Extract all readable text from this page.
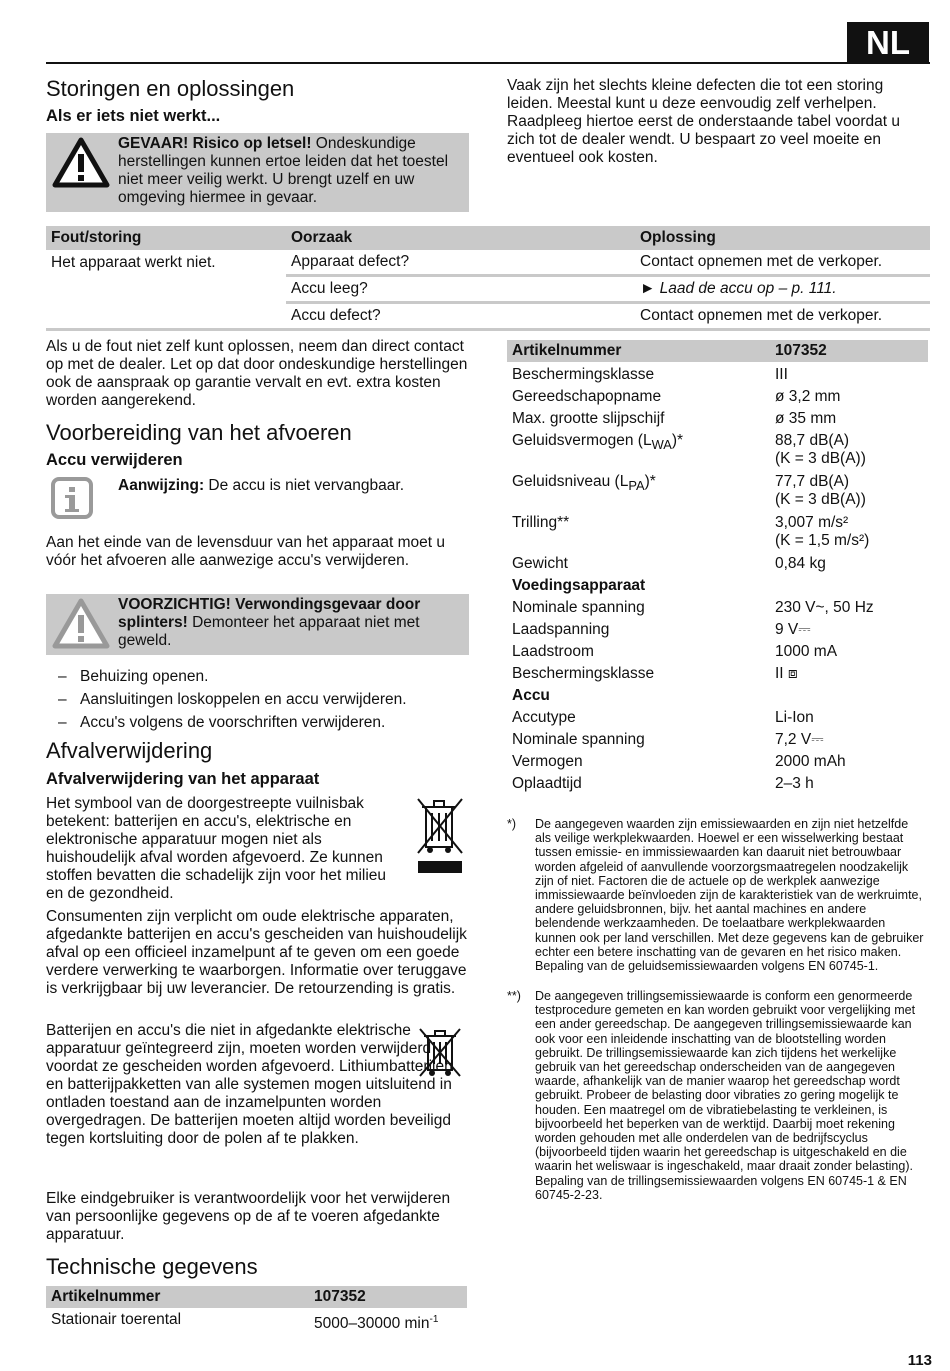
NL
Storingen en oplossingen
Als er iets niet werkt...
GEVAAR! Risico op letsel! Ondeskundige herstellingen kunnen ertoe leiden dat het toestel niet meer veilig werkt. U brengt uzelf en uw omgeving hiermee in gevaar.
Vaak zijn het slechts kleine defecten die tot een storing leiden. Meestal kunt u deze eenvoudig zelf verhelpen. Raadpleeg hiertoe eerst de onderstaande tabel voordat u zich tot de dealer wendt. U bespaart zo veel moeite en eventueel ook kosten.
Fout/storing	Oorzaak	Oplossing
Het apparaat werkt niet.	Apparaat defect?	Contact opnemen met de verkoper.
	Accu leeg?	► Laad de accu op – p. 111.
	Accu defect?	Contact opnemen met de verkoper.
Als u de fout niet zelf kunt oplossen, neem dan direct contact op met de dealer. Let op dat door ondeskundige herstellingen ook de aanspraak op garantie vervalt en evt. extra kosten worden aangerekend.
Voorbereiding van het afvoeren
Accu verwijderen
Aanwijzing: De accu is niet vervangbaar.
Aan het einde van de levensduur van het apparaat moet u vóór het afvoeren alle aanwezige accu's verwijderen.
VOORZICHTIG! Verwondingsgevaar door splinters! Demonteer het apparaat niet met geweld.
– Behuizing openen.
– Aansluitingen loskoppelen en accu verwijderen.
– Accu's volgens de voorschriften verwijderen.
Afvalverwijdering
Afvalverwijdering van het apparaat
Het symbool van de doorgestreepte vuilnisbak betekent: batterijen en accu's, elektrische en elektronische apparatuur mogen niet als huishoudelijk afval worden afgevoerd. Ze kunnen stoffen bevatten die schadelijk zijn voor het milieu en de gezondheid.
Consumenten zijn verplicht om oude elektrische apparaten, afgedankte batterijen en accu's gescheiden van huishoudelijk afval op een officieel inzamelpunt af te geven om een goede verdere verwerking te waarborgen. Informatie over teruggave is verkrijgbaar bij uw leverancier. De retourzending is gratis.
Batterijen en accu's die niet in afgedankte elektrische apparatuur geïntegreerd zijn, moeten worden verwijderd voordat ze gescheiden worden afgevoerd. Lithiumbatterijen en batterijpakketten van alle systemen mogen uitsluitend in ontladen toestand aan de inzamelpunten worden overgedragen. De batterijen moeten altijd worden beveiligd tegen kortsluiting door de polen af te plakken.
Elke eindgebruiker is verantwoordelijk voor het verwijderen van persoonlijke gegevens op de af te voeren afgedankte apparatuur.
Technische gegevens
Artikelnummer	107352
Stationair toerental	5000–30000 $\min^{-1}$
Artikelnummer	107352
Beschermingsklasse	III
Gereedschapopname	ø 3,2 mm
Max. grootte slijpschijf	ø 35 mm
Geluidsvermogen $(L_{WA})*$	88,7 dB(A)
(K = 3 dB(A))

Geluidsniveau $(L_{PA})*$	77,7 dB(A)
(K = 3 dB(A))

Trilling**	3,007 m/s²
(K = 1,5 m/s²)

Gewicht	0,84 kg
Voedingsapparaat	
Nominale spanning	230 V~, 50 Hz
Laadspanning	9 V⎓
Laadstroom	1000 mA
Beschermingsklasse	II ⧈
Accu	
Accutype	Li-Ion
Nominale spanning	7,2 V⎓
Vermogen	2000 mAh
Oplaadtijd	2–3 h
*) De aangegeven waarden zijn emissiewaarden en zijn niet hetzelfde als veilige werkplekwaarden. Hoewel er een wisselwerking bestaat tussen emissie- en immissiewaarden kan daaruit niet betrouwbaar worden afgeleid of aanvullende voorzorgsmaatregelen noodzakelijk zijn of niet. Factoren die de actuele op de werkplek aanwezige immissiewaarde beïnvloeden zijn de karakteristiek van de werkruimte, andere geluidsbronnen, bijv. het aantal machines en andere belendende werkzaamheden. De toelaatbare werkplekwaarden kunnen ook per land verschillen. Met deze gegevens kan de gebruiker echter een betere inschatting van de gevaren en het risico maken. Bepaling van de geluidsemissiewaarden volgens EN 60745-1.
**) De aangegeven trillingsemissiewaarde is conform een genormeerde testprocedure gemeten en kan worden gebruikt voor vergelijking met een ander gereedschap. De aangegeven trillingsemissiewaarde kan ook voor een inleidende inschatting van de blootstelling worden gebruikt. De trillingsemissiewaarde kan zich tijdens het werkelijke gebruik van het gereedschap onderscheiden van de aangegeven waarde, afhankelijk van de manier waarop het gereedschap wordt gebruikt. Probeer de belasting door vibraties zo gering mogelijk te houden. Een maatregel om de vibratiebelasting te verkleinen, is bijvoorbeeld het beperken van de werktijd. Daarbij moet rekening worden gehouden met alle onderdelen van de bedrijfscyclus (bijvoorbeeld tijden waarin het gereedschap is uitgeschakeld en die waarin het weliswaar is ingeschakeld, maar draait zonder belasting). Bepaling van de trillingsemissiewaarden volgens EN 60745-1 & EN 60745-2-23.
113
